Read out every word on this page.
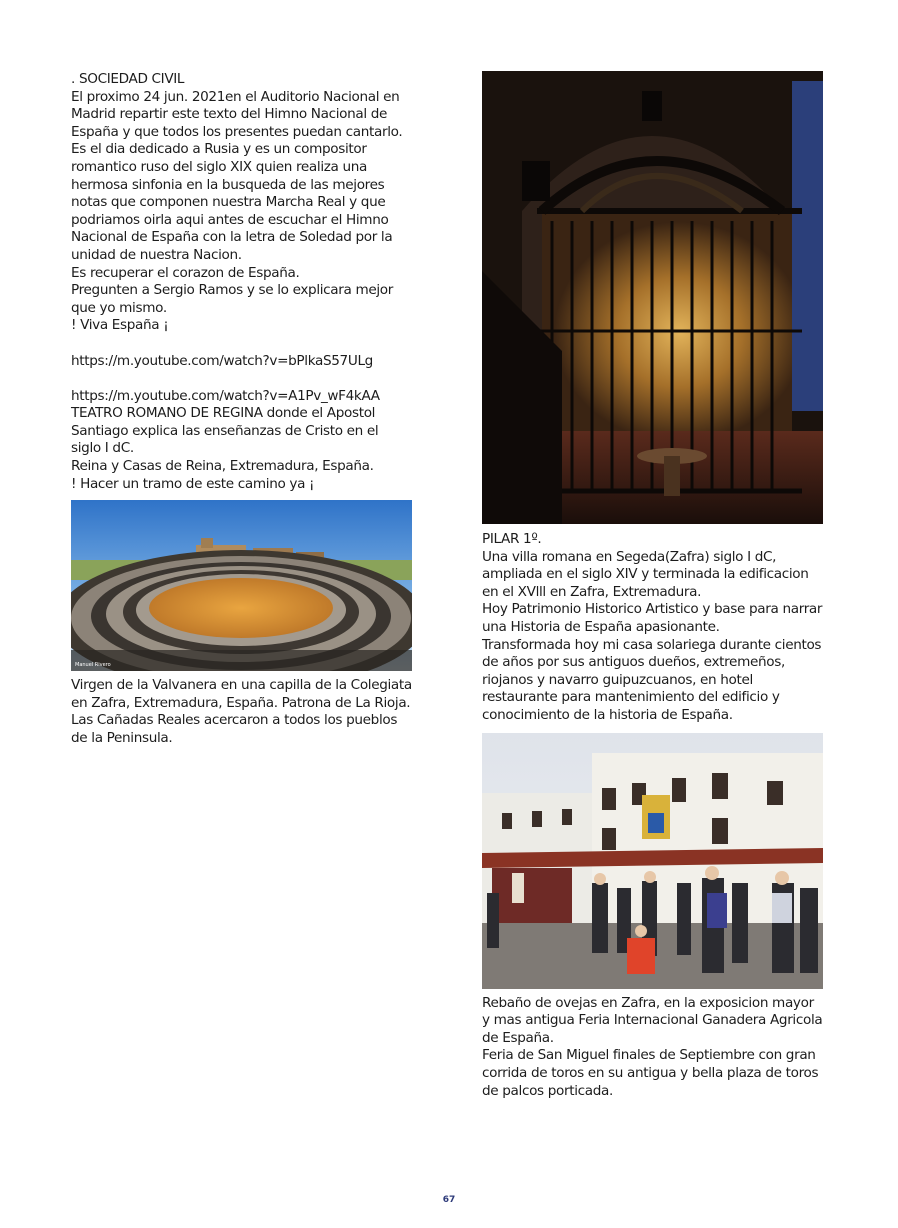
. SOCIEDAD CIVIL

El proximo 24 jun. 2021en el Auditorio Nacional en Madrid repartir este texto del Himno Nacional de España y que todos los presentes puedan cantarlo. Es el dia dedicado a Rusia y es un compositor romantico ruso del siglo XIX quien realiza una hermosa sinfonia en la busqueda de las mejores notas que componen nuestra Marcha Real y que podriamos oirla aqui antes de escuchar el Himno Nacional de España con la letra de Soledad por la unidad de nuestra Nacion.

Es recuperar el corazon de España.

Pregunten a Sergio Ramos y se lo explicara mejor que yo mismo.

! Viva España ¡

https://m.youtube.com/watch?v=bPlkaS57ULg

https://m.youtube.com/watch?v=A1Pv_wF4kAA

TEATRO ROMANO DE REGINA donde el Apostol Santiago explica las enseñanzas de Cristo en el siglo I dC.

Reina y Casas de Reina, Extremadura, España.

! Hacer un tramo de este camino ya ¡

Manuel Rivero

Virgen de la Valvanera en una capilla de la Colegiata en Zafra, Extremadura, España. Patrona de La Rioja.

Las Cañadas Reales acercaron a todos los pueblos de la Peninsula.

PILAR 1º.

Una villa romana en Segeda(Zafra) siglo I dC, ampliada en el siglo XIV y terminada la edificacion en el XVlll en Zafra, Extremadura.

Hoy Patrimonio Historico Artistico y base para narrar una Historia de España apasionante.

Transformada hoy mi casa solariega durante cientos de años por sus antiguos dueños, extremeños, riojanos y navarro guipuzcuanos, en hotel restaurante para mantenimiento del edificio y conocimiento de la historia de España.

Rebaño de ovejas en Zafra, en la exposicion mayor y mas antigua Feria Internacional Ganadera Agricola de España.

Feria de San Miguel finales de Septiembre con gran corrida de toros en su antigua y bella plaza de toros de palcos porticada.

67
